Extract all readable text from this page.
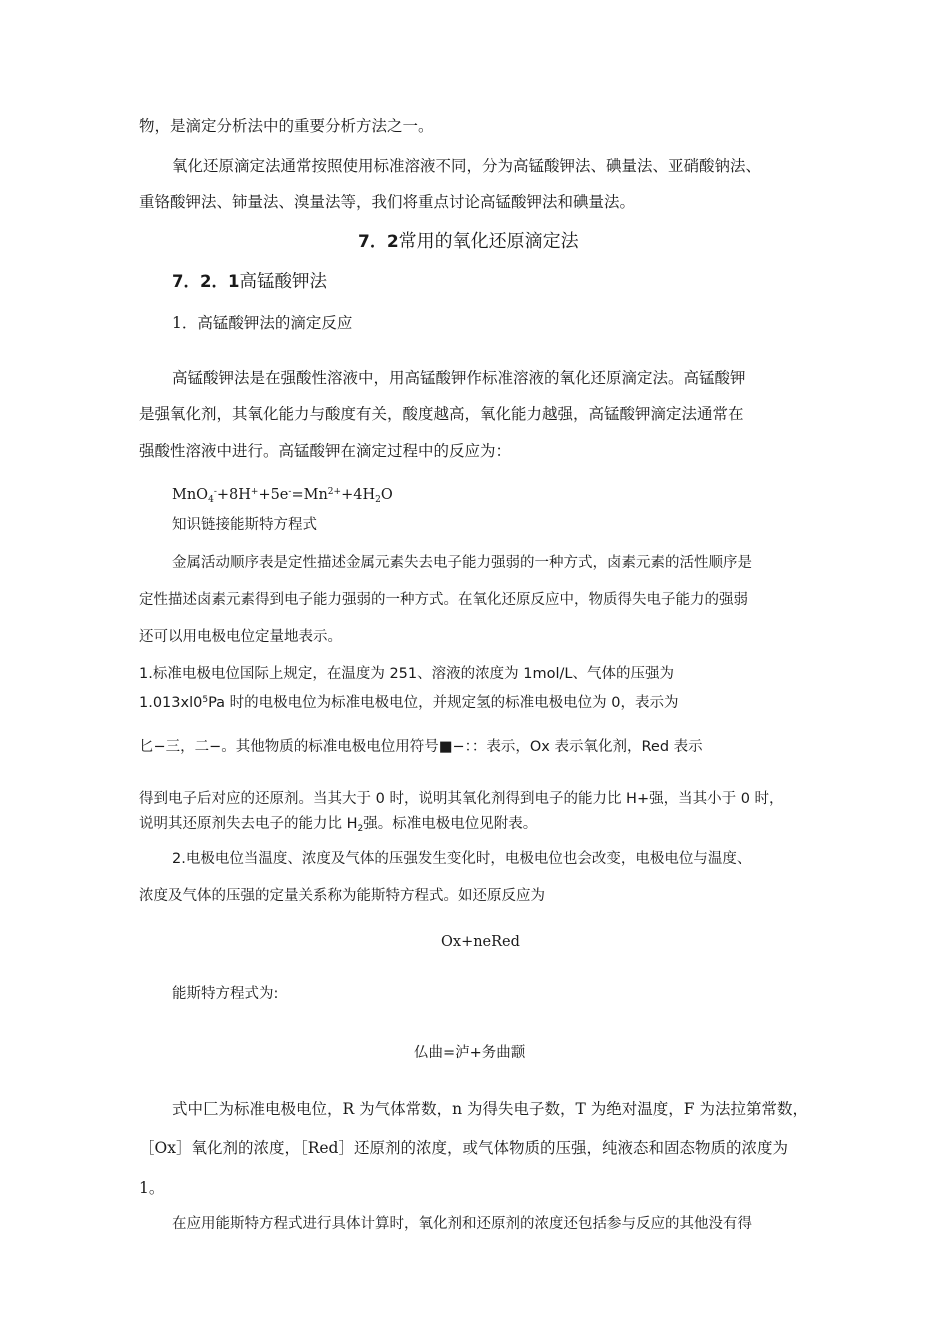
物，是滴定分析法中的重要分析方法之一。
氧化还原滴定法通常按照使用标准溶液不同，分为高锰酸钾法、碘量法、亚硝酸钠法、
重铬酸钾法、铈量法、溴量法等，我们将重点讨论高锰酸钾法和碘量法。
7．2常用的氧化还原滴定法
7．2．1高锰酸钾法
1．高锰酸钾法的滴定反应
高锰酸钾法是在强酸性溶液中，用高锰酸钾作标准溶液的氧化还原滴定法。高锰酸钾
是强氧化剂，其氧化能力与酸度有关，酸度越高，氧化能力越强，高锰酸钾滴定法通常在
强酸性溶液中进行。高锰酸钾在滴定过程中的反应为：
$MnO_4^-+8H^++5e^-=Mn^{2+}+4H_2O$
知识链接能斯特方程式
金属活动顺序表是定性描述金属元素失去电子能力强弱的一种方式，卤素元素的活性顺序是
定性描述卤素元素得到电子能力强弱的一种方式。在氧化还原反应中，物质得失电子能力的强弱
还可以用电极电位定量地表示。
1.标准电极电位国际上规定，在温度为 251、溶液的浓度为 1mol/L、气体的压强为
$1.013xl0^5Pa$ 时的电极电位为标准电极电位，并规定氢的标准电极电位为 0，表示为
匕−三，二−。其他物质的标准电极电位用符号■−：：表示，Ox 表示氧化剂，Red 表示
得到电子后对应的还原剂。当其大于 0 时，说明其氧化剂得到电子的能力比 H+强，当其小于 0 时，
说明其还原剂失去电子的能力比 $H_2$强。标准电极电位见附表。
2.电极电位当温度、浓度及气体的压强发生变化时，电极电位也会改变，电极电位与温度、
浓度及气体的压强的定量关系称为能斯特方程式。如还原反应为
Ox+neRed
能斯特方程式为:
仏曲=泸+务曲颥
式中匚为标准电极电位，R 为气体常数，n 为得失电子数，T 为绝对温度，F 为法拉第常数，
［Ox］氧化剂的浓度，［Red］还原剂的浓度，或气体物质的压强，纯液态和固态物质的浓度为
1。
在应用能斯特方程式进行具体计算时，氧化剂和还原剂的浓度还包括参与反应的其他没有得
